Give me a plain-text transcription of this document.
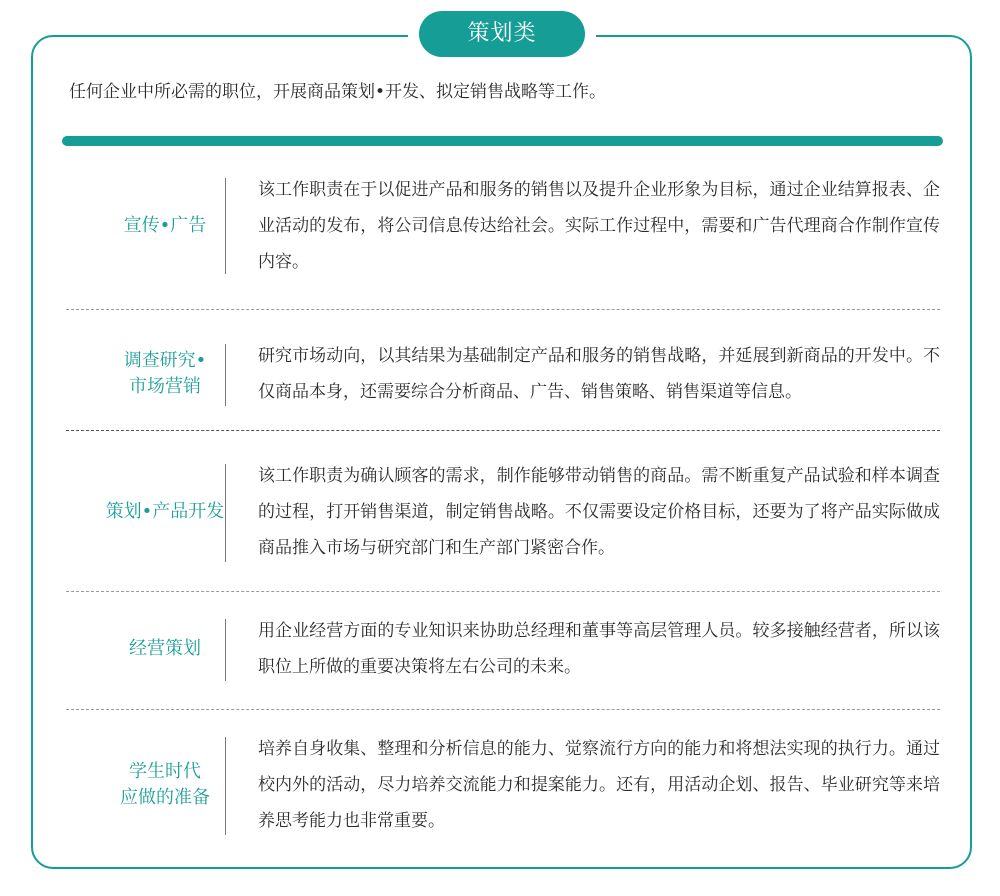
策划类
任何企业中所必需的职位，开展商品策划•开发、拟定销售战略等工作。
宣传•广告
该工作职责在于以促进产品和服务的销售以及提升企业形象为目标，通过企业结算报表、企业活动的发布，将公司信息传达给社会。实际工作过程中，需要和广告代理商合作制作宣传内容。
调查研究•
市场营销
研究市场动向，以其结果为基础制定产品和服务的销售战略，并延展到新商品的开发中。不仅商品本身，还需要综合分析商品、广告、销售策略、销售渠道等信息。
策划•产品开发
该工作职责为确认顾客的需求，制作能够带动销售的商品。需不断重复产品试验和样本调查的过程，打开销售渠道，制定销售战略。不仅需要设定价格目标，还要为了将产品实际做成商品推入市场与研究部门和生产部门紧密合作。
经营策划
用企业经营方面的专业知识来协助总经理和董事等高层管理人员。较多接触经营者，所以该职位上所做的重要决策将左右公司的未来。
学生时代
应做的准备
培养自身收集、整理和分析信息的能力、觉察流行方向的能力和将想法实现的执行力。通过校内外的活动，尽力培养交流能力和提案能力。还有，用活动企划、报告、毕业研究等来培养思考能力也非常重要。
